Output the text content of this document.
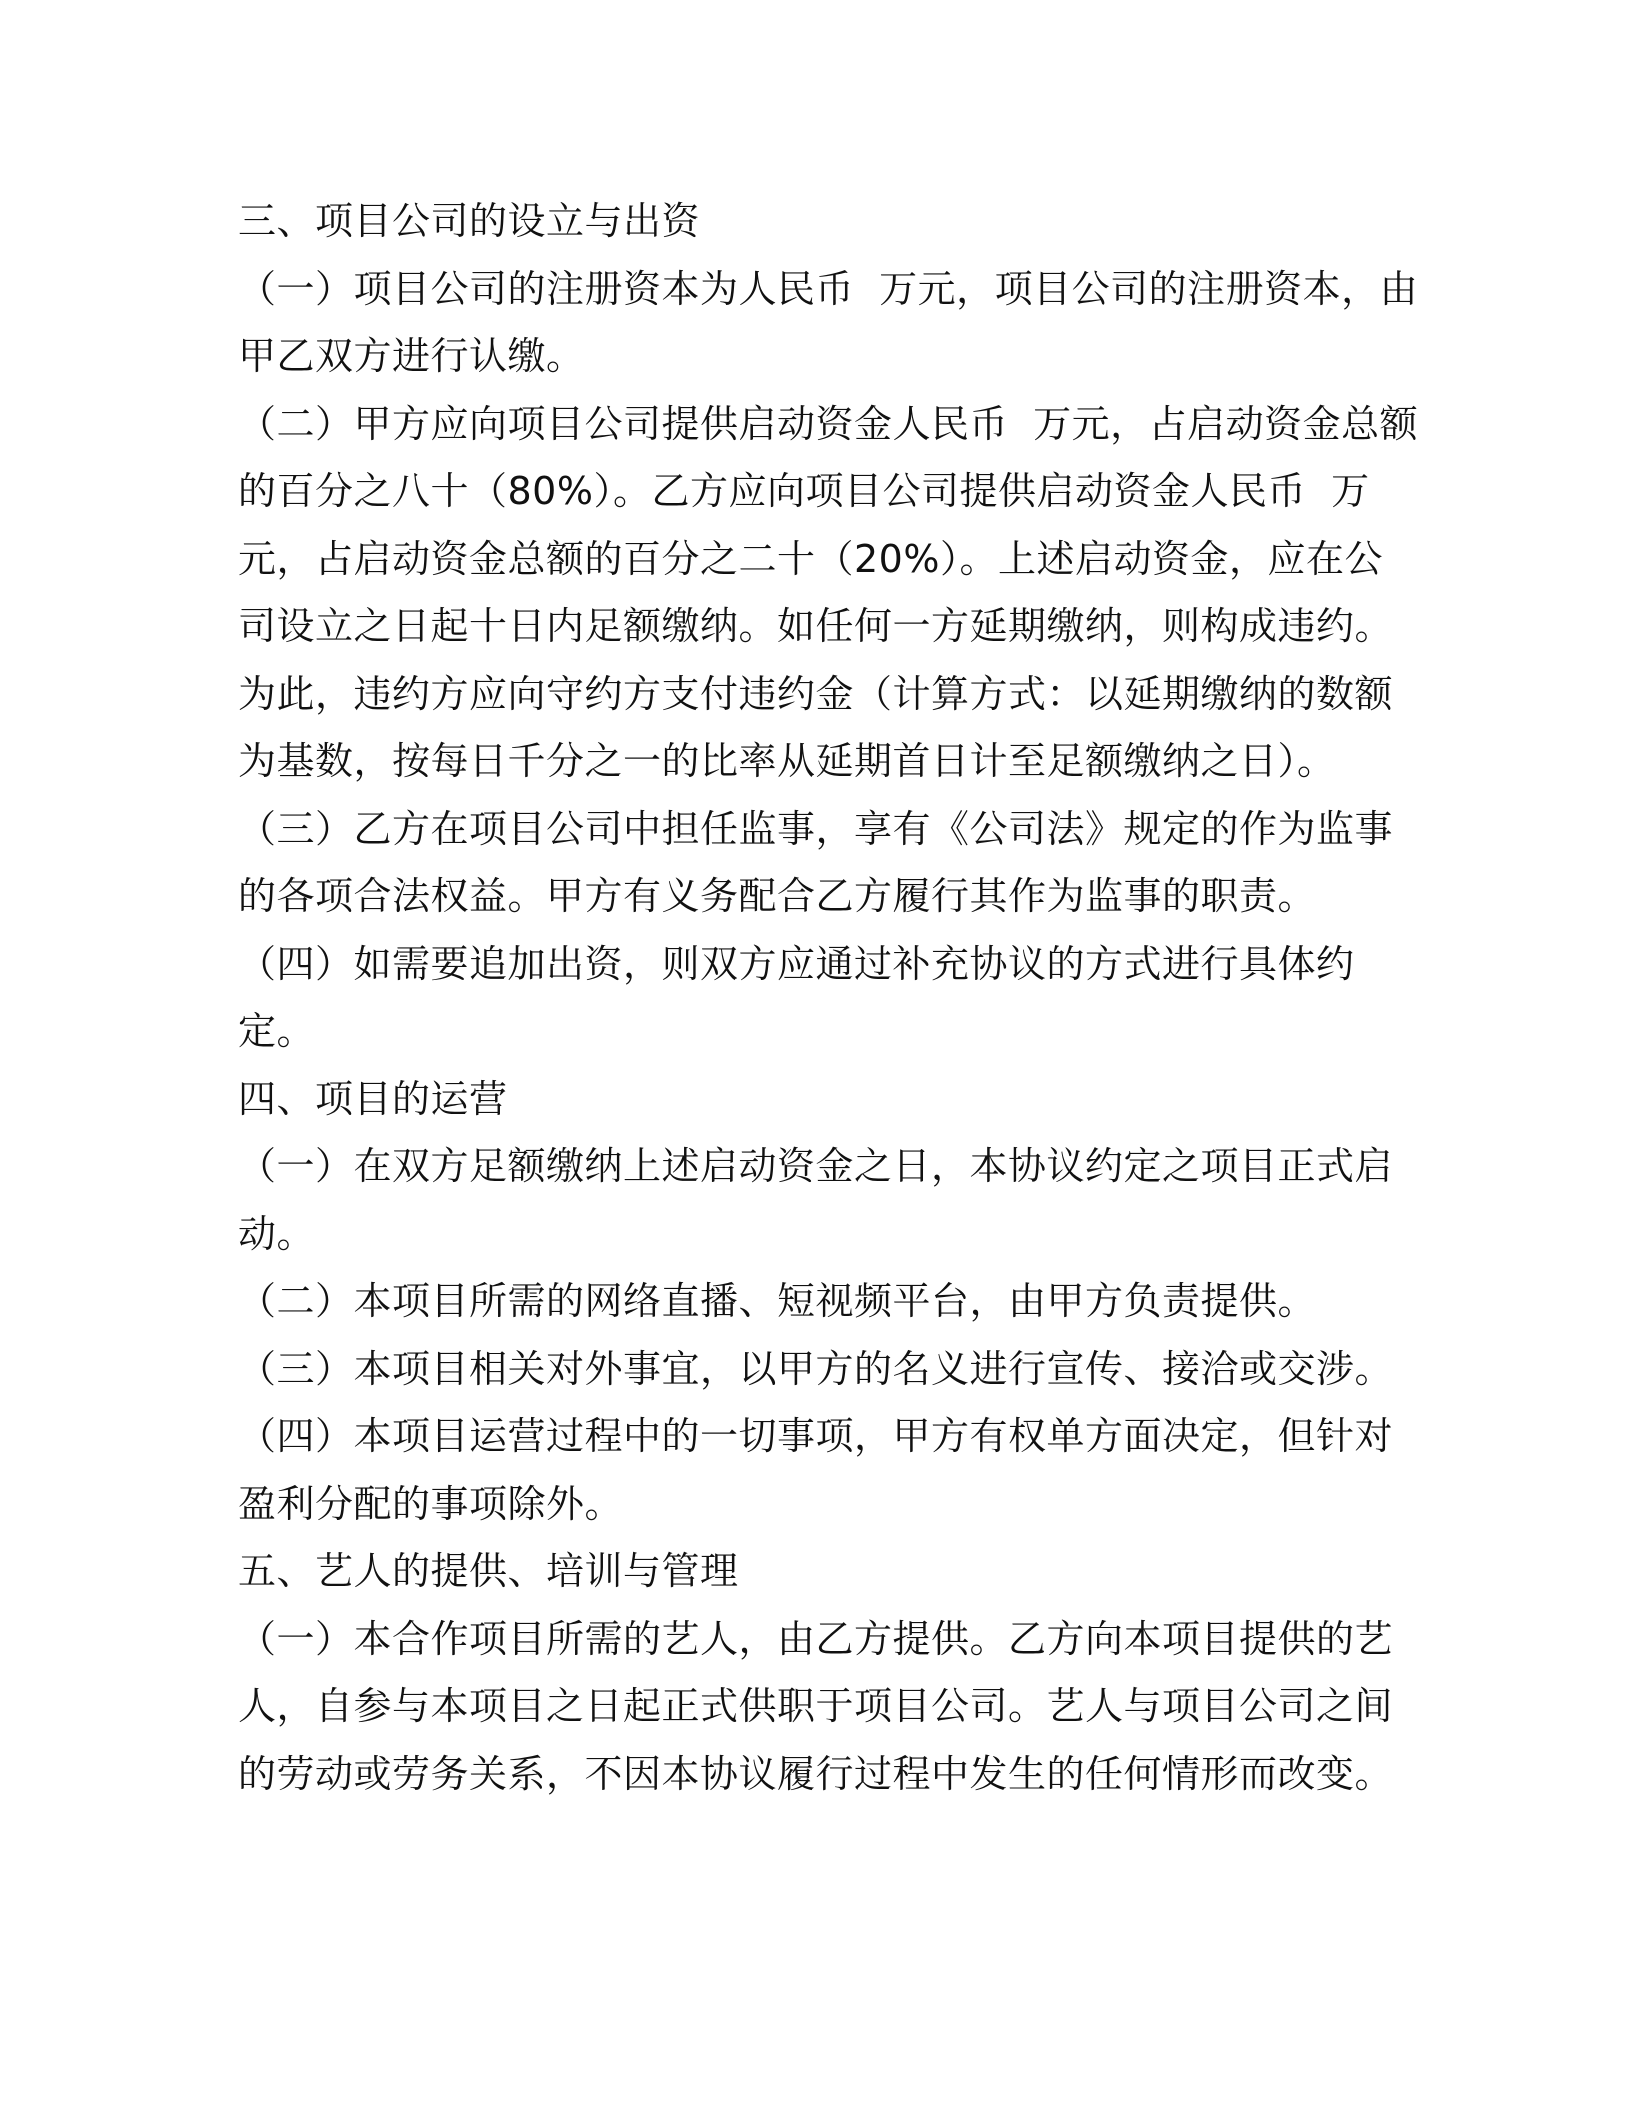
三、项目公司的设立与出资
（一）项目公司的注册资本为人民币  万元，项目公司的注册资本，由
甲乙双方进行认缴。
（二）甲方应向项目公司提供启动资金人民币  万元，占启动资金总额
的百分之八十（80%）。乙方应向项目公司提供启动资金人民币  万
元，占启动资金总额的百分之二十（20%）。上述启动资金，应在公
司设立之日起十日内足额缴纳。如任何一方延期缴纳，则构成违约。
为此，违约方应向守约方支付违约金（计算方式：以延期缴纳的数额
为基数，按每日千分之一的比率从延期首日计至足额缴纳之日）。
（三）乙方在项目公司中担任监事，享有《公司法》规定的作为监事
的各项合法权益。甲方有义务配合乙方履行其作为监事的职责。
（四）如需要追加出资，则双方应通过补充协议的方式进行具体约
定。
四、项目的运营
（一）在双方足额缴纳上述启动资金之日，本协议约定之项目正式启
动。
（二）本项目所需的网络直播、短视频平台，由甲方负责提供。
（三）本项目相关对外事宜，以甲方的名义进行宣传、接洽或交涉。
（四）本项目运营过程中的一切事项，甲方有权单方面决定，但针对
盈利分配的事项除外。
五、艺人的提供、培训与管理
（一）本合作项目所需的艺人，由乙方提供。乙方向本项目提供的艺
人，自参与本项目之日起正式供职于项目公司。艺人与项目公司之间
的劳动或劳务关系，不因本协议履行过程中发生的任何情形而改变。
